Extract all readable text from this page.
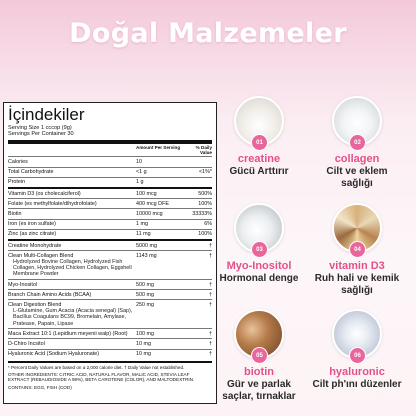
Doğal Malzemeler
İçindekiler
Serving Size 1 cccop (9g)
Servings Per Container 30
Amount Per Serving	% Daily Value
Calories	10
Total Carbohydrate	<1 g	<1%*
Protein	1 g
Vitamin D3 (os cholecalciferol)	100 mcg	500%
Folate (es methylfolate/dihydrofolate)	400 mcg DFE	100%
Biotin	10000 mcg	33333%
Iron (es iron sulfate)	1 mg	6%
Zinc (as zinc citrate)	11 mg	100%
Creatine Monohydrate	5000 mg	†
Clean Multi-Collagen Blend
Hydrolyzed Bovine Collagen, Hydrolyzed Fish Collagen, Hydrolyzed Chicken Collagen, Eggshell Membrane Powder
1143 mg	†
Myo-Inositol	500 mg	†
Branch Chain Amino Acids (BCAA)	500 mg	†
Clean Digestion Blend
L-Glutamine, Gum Acacia (Acacia senegal) (Sap), Bacillus Coagulans BC99, Bromelain, Amylase, Pratease, Papain, Lipase
250 mg	†
Maca Extract 10:1 (Lepidium meyenii walp) (Root)	100 mg	†
D-Chiro Incsitol	10 mg	†
Hyaluronic Acid (Sodium Hyaluronate)	10 mg	†

* Percent Daily Values are based on a 2,000 calorie diet. † Daily Value not established.

OTHER INGREDIENTS: CITRIC ACID, NATURAL FLAVOR, MALIC ACID, STEVIA LEAF EXTRACT (REBAUDIOSIDE A 98%), BETA CAROTENE (COLOR), AND MALTODEXTRIN.

CONTAINS: EGG, FISH (COD)

01
creatine
Gücü Arttırır
02
collagen
Cilt ve eklem sağlığı
03
Myo-Inositol
Hormonal denge
04
vitamin D3
Ruh hali ve kemik sağlığı
05
biotin
Gür ve parlak saçlar, tırnaklar
06
hyaluronic
Cilt ph'ını düzenler
